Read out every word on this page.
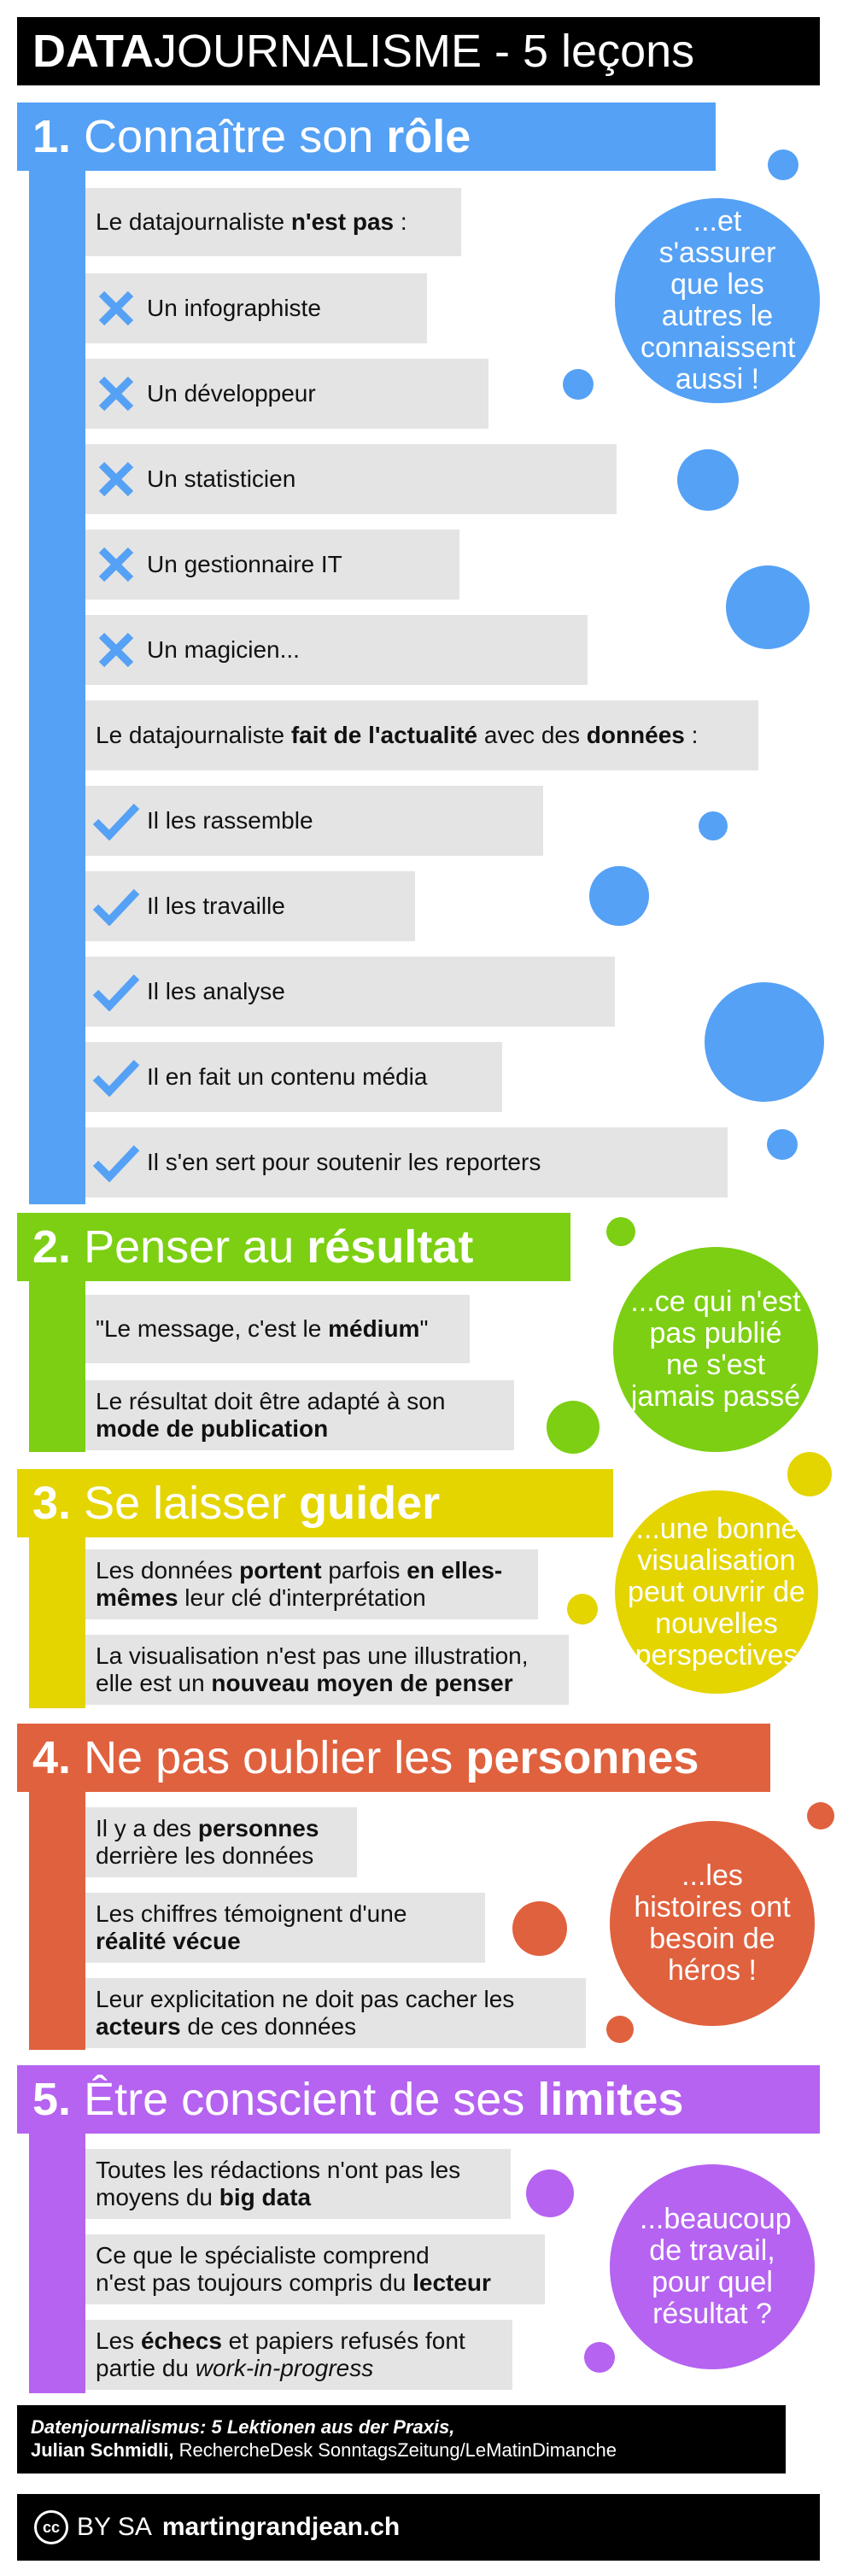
DATAJOURNALISME - 5 leçons
1. Connaître son rôle
Le datajournaliste n'est pas :
Un infographiste
Un développeur
Un statisticien
Un gestionnaire IT
Un magicien...
Le datajournaliste fait de l'actualité avec des données :
Il les rassemble
Il les travaille
Il les analyse
Il en fait un contenu média
Il s'en sert pour soutenir les reporters
...et s'assurer que les autres le connaissent aussi !
2. Penser au résultat
"Le message, c'est le médium"
Le résultat doit être adapté à son
mode de publication
...ce qui n'est pas publié ne s'est jamais passé
3. Se laisser guider
Les données portent parfois en elles-mêmes leur clé d'interprétation
La visualisation n'est pas une illustration,
elle est un nouveau moyen de penser
...une bonne visualisation peut ouvrir de nouvelles perspectives
4. Ne pas oublier les personnes
Il y a des personnes
derrière les données
Les chiffres témoignent d'une
réalité vécue
Leur explicitation ne doit pas cacher les
acteurs de ces données
...les histoires ont besoin de héros !
5. Être conscient de ses limites
Toutes les rédactions n'ont pas les
moyens du big data
Ce que le spécialiste comprend
n'est pas toujours compris du lecteur
Les échecs et papiers refusés font
partie du work-in-progress
...beaucoup de travail, pour quel résultat ?
Datenjournalismus: 5 Lektionen aus der Praxis,
Julian Schmidli, RechercheDesk SonntagsZeitung/LeMatinDimanche
cc BY SA martingrandjean.ch
